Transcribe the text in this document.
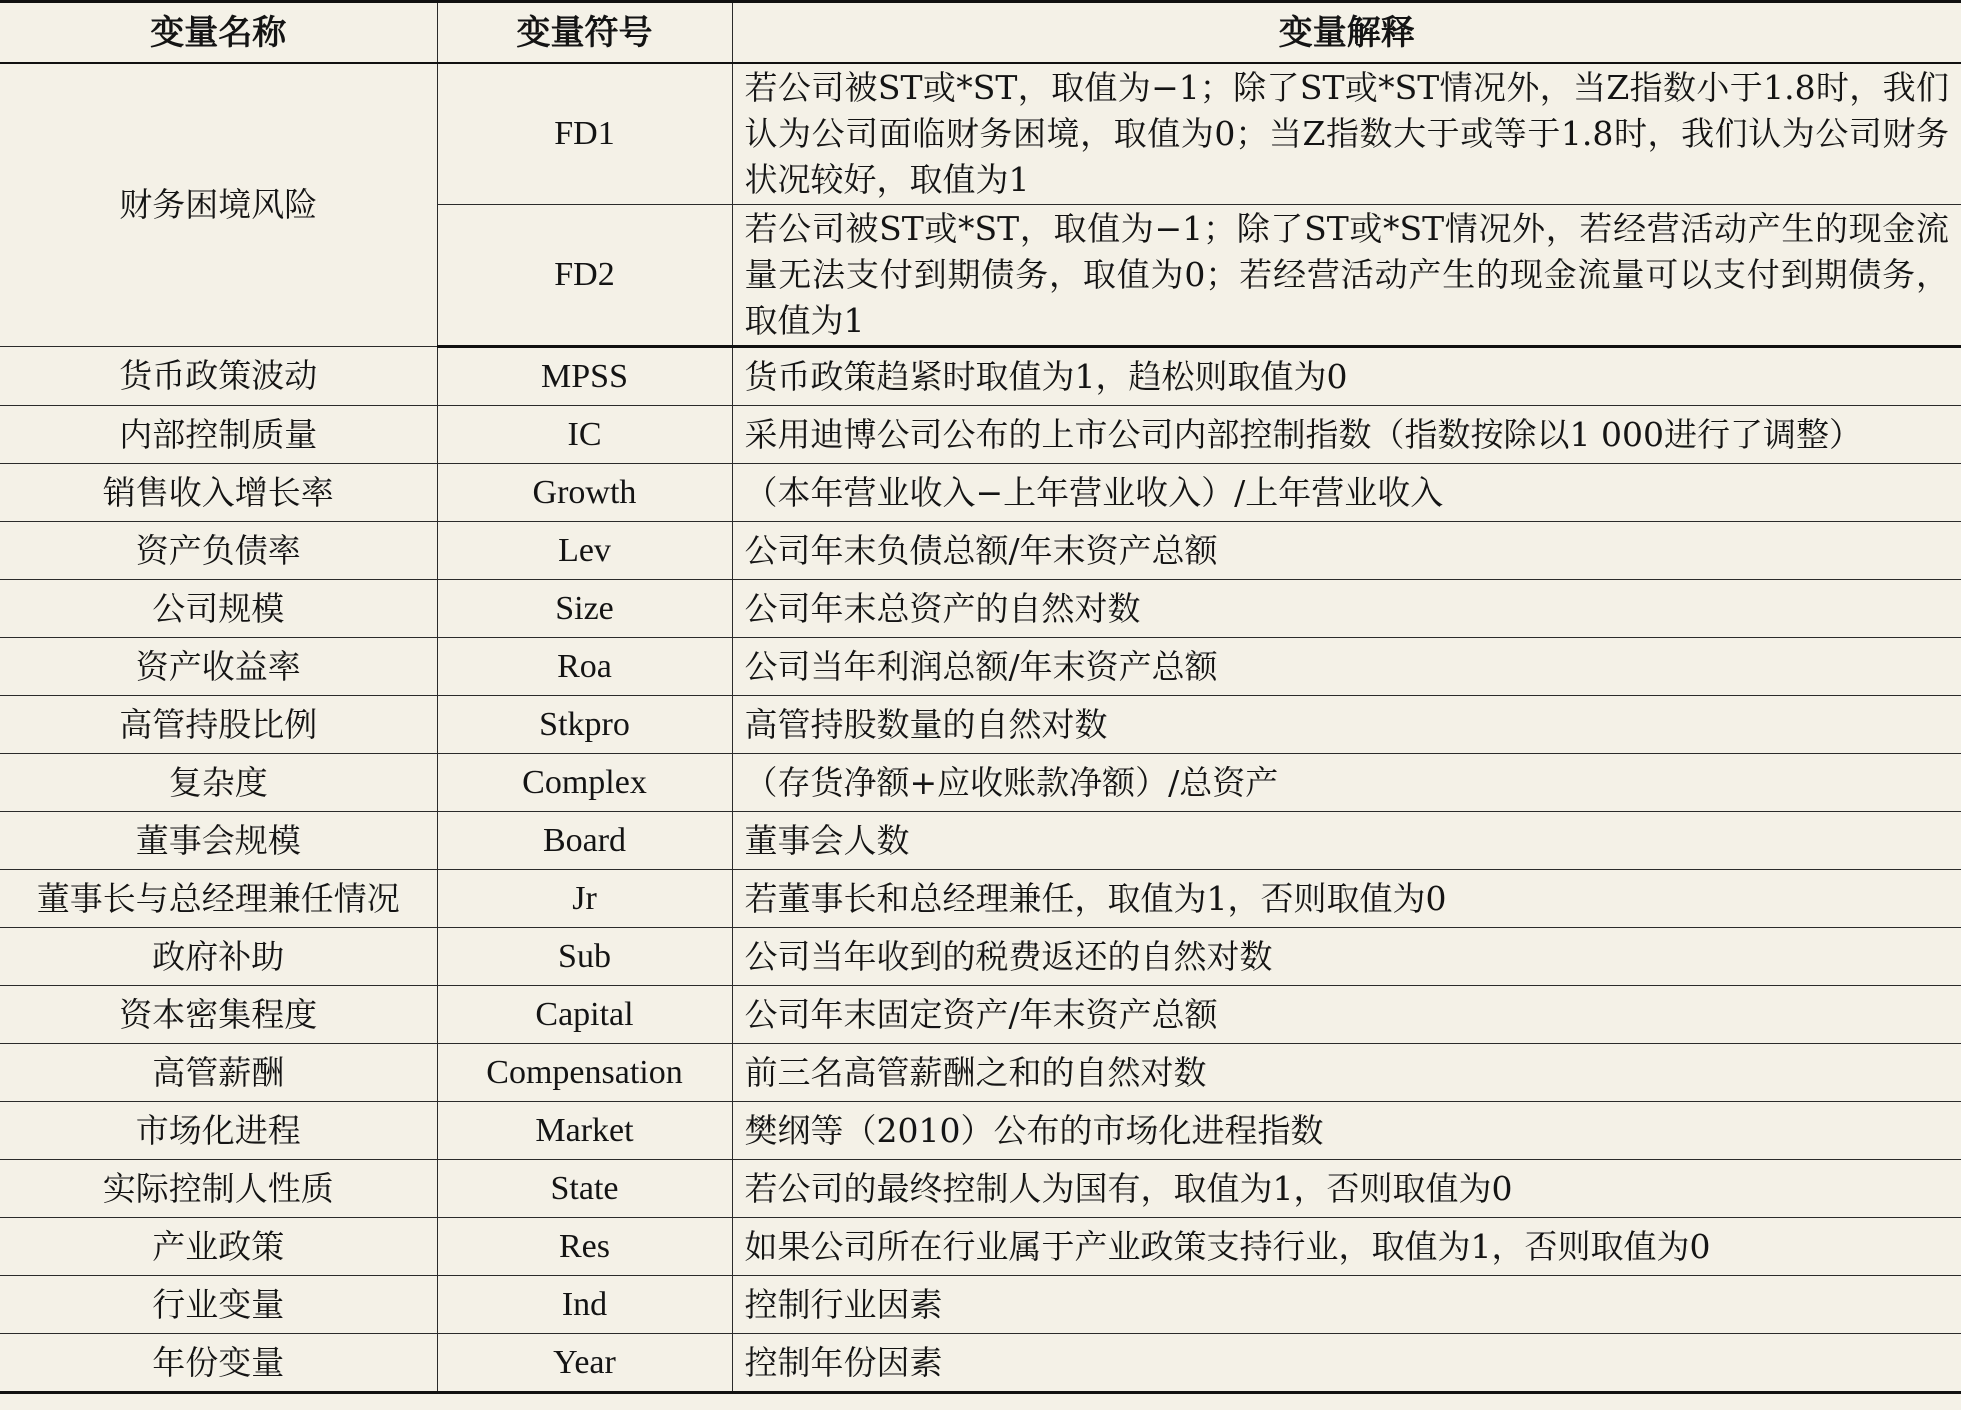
变量名称	变量符号	变量解释
财务困境风险	FD1	若公司被ST或*ST，取值为−1；除了ST或*ST情况外，当Z指数小于1.8时，我们认为公司面临财务困境，取值为0；当Z指数大于或等于1.8时，我们认为公司财务状况较好，取值为1
	FD2	若公司被ST或*ST，取值为−1；除了ST或*ST情况外，若经营活动产生的现金流量无法支付到期债务，取值为0；若经营活动产生的现金流量可以支付到期债务，取值为1
货币政策波动	MPSS	货币政策趋紧时取值为1，趋松则取值为0
内部控制质量	IC	采用迪博公司公布的上市公司内部控制指数（指数按除以1 000进行了调整）
销售收入增长率	Growth	（本年营业收入−上年营业收入）/上年营业收入
资产负债率	Lev	公司年末负债总额/年末资产总额
公司规模	Size	公司年末总资产的自然对数
资产收益率	Roa	公司当年利润总额/年末资产总额
高管持股比例	Stkpro	高管持股数量的自然对数
复杂度	Complex	（存货净额+应收账款净额）/总资产
董事会规模	Board	董事会人数
董事长与总经理兼任情况	Jr	若董事长和总经理兼任，取值为1，否则取值为0
政府补助	Sub	公司当年收到的税费返还的自然对数
资本密集程度	Capital	公司年末固定资产/年末资产总额
高管薪酬	Compensation	前三名高管薪酬之和的自然对数
市场化进程	Market	樊纲等（2010）公布的市场化进程指数
实际控制人性质	State	若公司的最终控制人为国有，取值为1，否则取值为0
产业政策	Res	如果公司所在行业属于产业政策支持行业，取值为1，否则取值为0
行业变量	Ind	控制行业因素
年份变量	Year	控制年份因素
